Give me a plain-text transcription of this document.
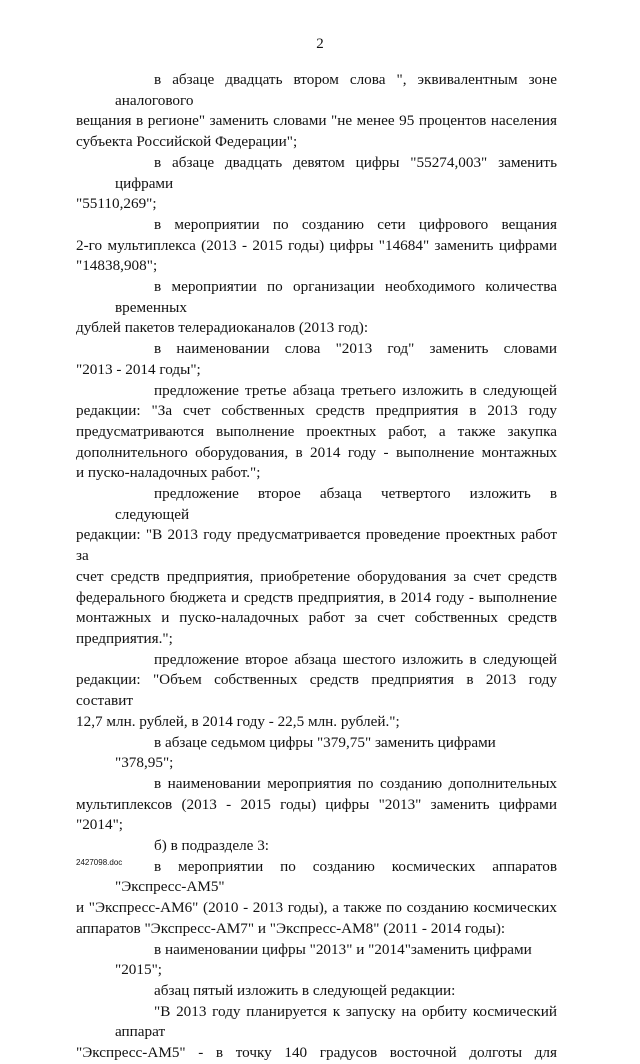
2
в абзаце двадцать втором слова ", эквивалентным зоне аналогового
вещания в регионе" заменить словами "не менее 95 процентов населения
субъекта Российской Федерации";
в абзаце двадцать девятом цифры "55274,003" заменить цифрами
"55110,269";
в мероприятии по созданию сети цифрового вещания
2-го мультиплекса (2013 - 2015 годы) цифры "14684" заменить цифрами
"14838,908";
в мероприятии по организации необходимого количества временных
дублей пакетов телерадиоканалов (2013 год):
в наименовании слова "2013 год" заменить словами
"2013 - 2014 годы";
предложение третье абзаца третьего изложить в следующей
редакции: "За счет собственных средств предприятия в 2013 году
предусматриваются выполнение проектных работ, а также закупка
дополнительного оборудования, в 2014 году - выполнение монтажных
и пуско-наладочных работ.";
предложение второе абзаца четвертого изложить в следующей
редакции: "В 2013 году предусматривается проведение проектных работ за
счет средств предприятия, приобретение оборудования за счет средств
федерального бюджета и средств предприятия, в 2014 году - выполнение
монтажных и пуско-наладочных работ за счет собственных средств
предприятия.";
предложение второе абзаца шестого изложить в следующей
редакции: "Объем собственных средств предприятия в 2013 году составит
12,7 млн. рублей, в 2014 году - 22,5 млн. рублей.";
в абзаце седьмом цифры "379,75" заменить цифрами "378,95";
в наименовании мероприятия по созданию дополнительных
мультиплексов (2013 - 2015 годы) цифры "2013" заменить цифрами "2014";
б) в подразделе 3:
в мероприятии по созданию космических аппаратов "Экспресс-АМ5"
и "Экспресс-АМ6" (2010 - 2013 годы), а также по созданию космических
аппаратов "Экспресс-АМ7" и "Экспресс-АМ8" (2011 - 2014 годы):
в наименовании цифры "2013" и "2014"заменить цифрами "2015";
абзац пятый изложить в следующей редакции:
"В 2013 году планируется к запуску на орбиту космический аппарат
"Экспресс-АМ5" - в точку 140 градусов восточной долготы для
2427098.doc
